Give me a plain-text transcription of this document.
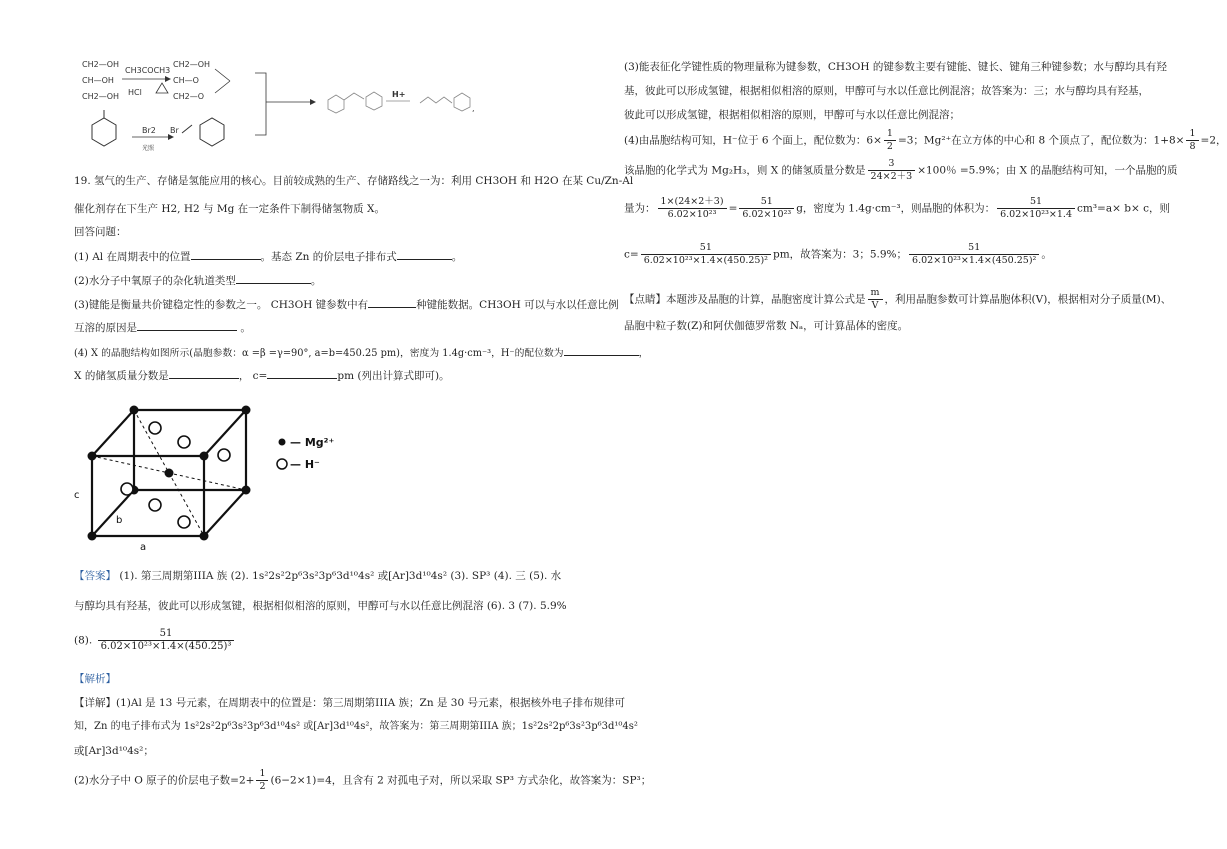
CH2—OH
CH—OH
CH2—OH
CH3COCH3
HCl
CH2—OH
CH—O
CH2—O
Br2
光照
Br
H+
,
19. 氢气的生产、存储是氢能应用的核心。目前较成熟的生产、存储路线之一为：利用 CH3OH 和 H2O 在某 Cu/Zn-Al
催化剂存在下生产 H2, H2 与 Mg 在一定条件下制得储氢物质 X。
回答问题：
(1) Al 在周期表中的位置	。基态 Zn 的价层电子排布式	。
(2)水分子中氧原子的杂化轨道类型	。
(3)键能是衡量共价键稳定性的参数之一。 CH3OH 键参数中有	种键能数据。CH3OH 可以与水以任意比例
互溶的原因是	。
(4) X 的晶胞结构如图所示(晶胞参数：α =β =γ=90°, a=b=450.25 pm)，密度为 1.4g·cm⁻³，H⁻的配位数为	，
X 的储氢质量分数是	， c=	pm (列出计算式即可)。
— Mg²⁺
— H⁻
c
b
a
【答案】 (1). 第三周期第IIIA 族 (2). 1s²2s²2p⁶3s²3p⁶3d¹⁰4s² 或[Ar]3d¹⁰4s² (3). SP³ (4). 三 (5). 水
与醇均具有羟基，彼此可以形成氢键，根据相似相溶的原则，甲醇可与水以任意比例混溶 (6). 3 (7). 5.9%
(8). $\frac{51}{\text{6.02×10²³×1.4×(450.25)³}}$
【解析】
【详解】(1)Al 是 13 号元素，在周期表中的位置是：第三周期第IIIA 族；Zn 是 30 号元素，根据核外电子排布规律可
知，Zn 的电子排布式为 1s²2s²2p⁶3s²3p⁶3d¹⁰4s² 或[Ar]3d¹⁰4s²，故答案为：第三周期第IIIA 族；1s²2s²2p⁶3s²3p⁶3d¹⁰4s²
或[Ar]3d¹⁰4s²；
(2)水分子中 O 原子的价层电子数$=2+ \frac{1}{2} (6-2\times 1)=4$，且含有 2 对孤电子对，所以采取 SP³ 方式杂化，故答案为：SP³；
(3)能表征化学键性质的物理量称为键参数，CH3OH 的键参数主要有键能、键长、键角三种键参数；水与醇均具有羟
基，彼此可以形成氢键，根据相似相溶的原则，甲醇可与水以任意比例混溶；故答案为：三；水与醇均具有羟基，
彼此可以形成氢键，根据相似相溶的原则，甲醇可与水以任意比例混溶；
(4)由晶胞结构可知，H⁻位于 6 个面上，配位数为：$6\times \frac{1}{2} =3$；Mg²⁺在立方体的中心和 8 个顶点了，配位数为：$1+8\times \frac{1}{8} =2$，
该晶胞的化学式为 Mg₂H₃，则 X 的储氢质量分数是 $\frac{3}{24\times 2+3} \times 100$％ =5.9%；由 X 的晶胞结构可知，一个晶胞的质
量为： $\frac{1\times(24\times 2+3)}{\text{6.02×10²³}} = \frac{51}{\text{6.02×10²³}}$ g，密度为 1.4g·cm⁻³，则晶胞的体积为： $\frac{51}{\text{6.02×10²³×1.4}} cm^3=a\times b\times c$，则
$c= \frac{51}{\text{6.02×10²³×1.4×(450.25)²}}$ pm，故答案为：3；5.9%； $\frac{51}{\text{6.02×10²³×1.4×(450.25)²}}$ 。
【点睛】本题涉及晶胞的计算，晶胞密度计算公式是 $\frac{m}{V}$ ，利用晶胞参数可计算晶胞体积(V)，根据相对分子质量(M)、
晶胞中粒子数(Z)和阿伏伽德罗常数 Nₐ，可计算晶体的密度。
